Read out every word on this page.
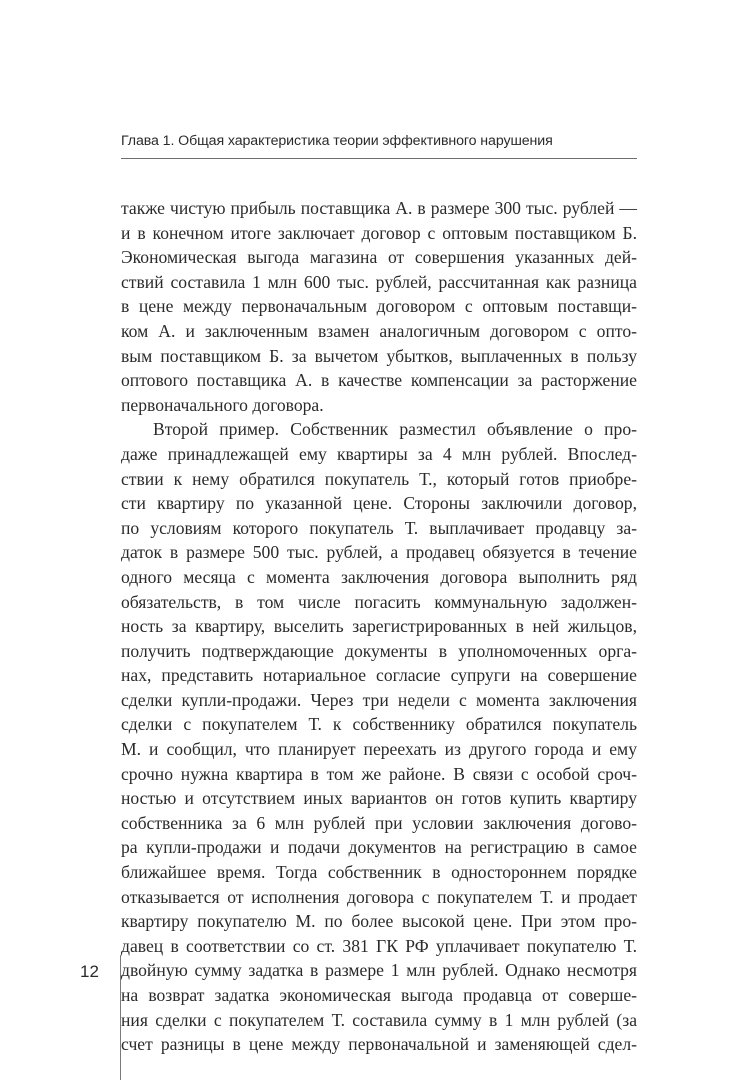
Глава 1. Общая характеристика теории эффективного нарушения
также чистую прибыль поставщика А. в размере 300 тыс. рублей —
и в конечном итоге заключает договор с оптовым поставщиком Б.
Экономическая выгода магазина от совершения указанных дей-
ствий составила 1 млн 600 тыс. рублей, рассчитанная как разница
в цене между первоначальным договором с оптовым поставщи-
ком А. и заключенным взамен аналогичным договором с опто-
вым поставщиком Б. за вычетом убытков, выплаченных в пользу
оптового поставщика А. в качестве компенсации за расторжение
первоначального договора.
Второй пример. Собственник разместил объявление о про-
даже принадлежащей ему квартиры за 4 млн рублей. Впослед-
ствии к нему обратился покупатель Т., который готов приобре-
сти квартиру по указанной цене. Стороны заключили договор,
по условиям которого покупатель Т. выплачивает продавцу за-
даток в размере 500 тыс. рублей, а продавец обязуется в течение
одного месяца с момента заключения договора выполнить ряд
обязательств, в том числе погасить коммунальную задолжен-
ность за квартиру, выселить зарегистрированных в ней жильцов,
получить подтверждающие документы в уполномоченных орга-
нах, представить нотариальное согласие супруги на совершение
сделки купли-продажи. Через три недели с момента заключения
сделки с покупателем Т. к собственнику обратился покупатель
М. и сообщил, что планирует переехать из другого города и ему
срочно нужна квартира в том же районе. В связи с особой сроч-
ностью и отсутствием иных вариантов он готов купить квартиру
собственника за 6 млн рублей при условии заключения догово-
ра купли-продажи и подачи документов на регистрацию в самое
ближайшее время. Тогда собственник в одностороннем порядке
отказывается от исполнения договора с покупателем Т. и продает
квартиру покупателю М. по более высокой цене. При этом про-
давец в соответствии со ст. 381 ГК РФ уплачивает покупателю Т.
двойную сумму задатка в размере 1 млн рублей. Однако несмотря
на возврат задатка экономическая выгода продавца от соверше-
ния сделки с покупателем Т. составила сумму в 1 млн рублей (за
счет разницы в цене между первоначальной и заменяющей сдел-
12
